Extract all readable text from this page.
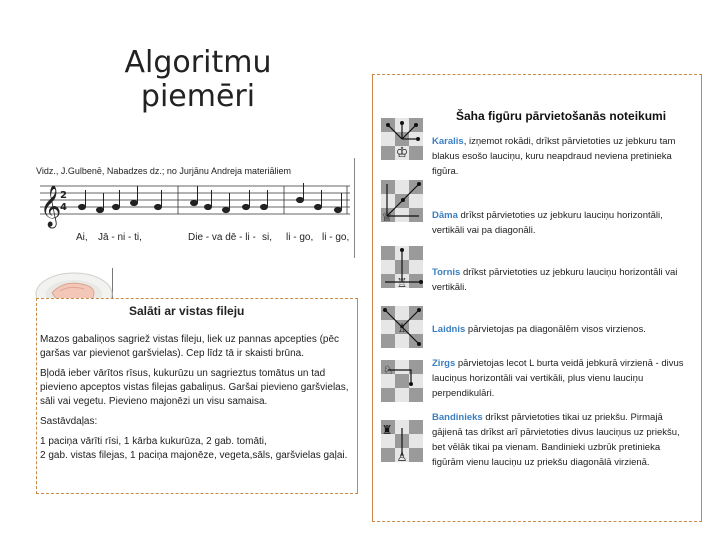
Algoritmu
piemēri
Vidz., J.Gulbenē, Nabadzes dz.; no Jurjānu Andreja materiāliem
𝄞
2
4
Ai, Jā - ni - ti,	Die - va dē - li - si, li - go, li - go,
Salāti ar vistas fileju

Mazos gabaliņos sagriež vistas fileju, liek uz pannas apcepties (pēc garšas var pievienot garšvielas). Cep līdz tā ir skaisti brūna.

Bļodā ieber vārītos rīsus, kukurūzu un sagrieztus tomātus un tad pievieno apceptos vistas filejas gabaliņus. Garšai pievieno garšvielas, sāli vai vegetu. Pievieno majonēzi un visu samaisa.

Sastāvdaļas:

1 paciņa vārīti rīsi, 1 kārba kukurūza, 2 gab. tomāti,

2 gab. vistas filejas, 1 paciņa majonēze, vegeta,sāls, garšvielas gaļai.

Šaha figūru pārvietošanās noteikumi
♔
♕
♖
♗
♘
♜
♙
Karalis, izņemot rokādi, drīkst pārvietoties uz jebkuru tam blakus esošo lauciņu, kuru neapdraud neviena pretinieka figūra.
Dāma drīkst pārvietoties uz jebkuru lauciņu horizontāli, vertikāli vai pa diagonāli.
Tornis drīkst pārvietoties uz jebkuru lauciņu horizontāli vai vertikāli.
Laidnis pārvietojas pa diagonālēm visos virzienos.
Zirgs pārvietojas lecot L burta veidā jebkurā virzienā - divus lauciņus horizontāli vai vertikāli, plus vienu lauciņu perpendikulāri.
Bandinieks drīkst pārvietoties tikai uz priekšu. Pirmajā gājienā tas drīkst arī pārvietoties divus lauciņus uz priekšu, bet vēlāk tikai pa vienam. Bandinieki uzbrūk pretinieka figūrām vienu lauciņu uz priekšu diagonālā virzienā.
